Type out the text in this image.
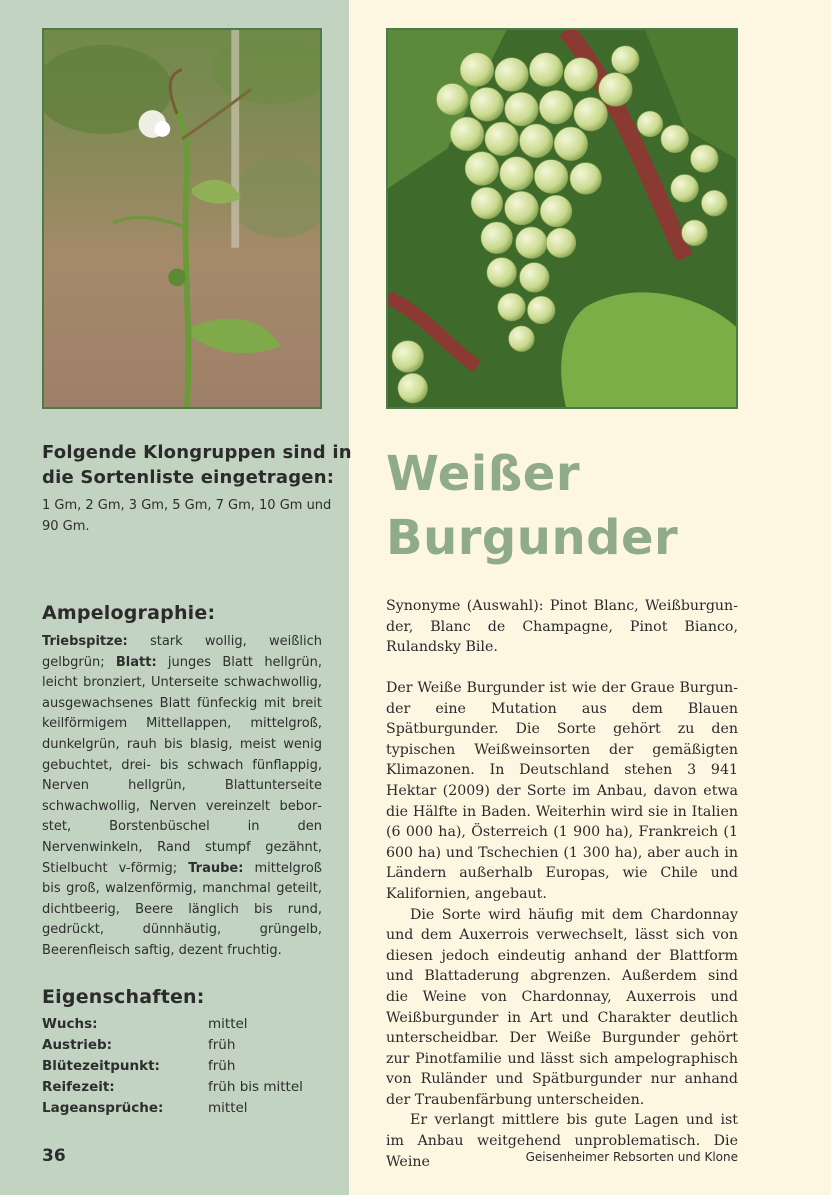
Folgende Klongruppen sind in
die Sortenliste eingetragen:
1 Gm, 2 Gm, 3 Gm, 5 Gm, 7 Gm, 10 Gm und
90 Gm.
Ampelographie:

Triebspitze: stark wollig, weißlich gelbgrün; Blatt: junges Blatt hellgrün, leicht bronziert, Unterseite schwachwollig, ausgewachsenes Blatt fünfeckig mit breit keilförmigem Mittellappen, mittelgroß, dunkelgrün, rauh bis blasig, meist wenig gebuchtet, drei- bis schwach fünflappig, Nerven hellgrün, Blattunterseite schwachwollig, Nerven vereinzelt beborstet, Borstenbüschel in den Nervenwinkeln, Rand stumpf gezähnt, Stielbucht v-förmig; Traube: mittelgroß bis groß, walzenförmig, manchmal geteilt, dichtbeerig, Beere länglich bis rund, gedrückt, dünnhäutig, grüngelb, Beerenfleisch saftig, dezent fruchtig.

Eigenschaften:
Wuchs:	mittel
Austrieb:	früh
Blütezeitpunkt:	früh
Reifezeit:	früh bis mittel
Lageansprüche:	mittel
36
Weißer
Burgunder

Synonyme (Auswahl): Pinot Blanc, Weißburgunder, Blanc de Champagne, Pinot Bianco, Rulandsky Bile.

Der Weiße Burgunder ist wie der Graue Burgunder eine Mutation aus dem Blauen Spätburgunder. Die Sorte gehört zu den typischen Weißweinsorten der gemäßigten Klimazonen. In Deutschland stehen 3 941 Hektar (2009) der Sorte im Anbau, davon etwa die Hälfte in Baden. Weiterhin wird sie in Italien (6 000 ha), Österreich (1 900 ha), Frankreich (1 600 ha) und Tschechien (1 300 ha), aber auch in Ländern außerhalb Europas, wie Chile und Kalifornien, angebaut.

Die Sorte wird häufig mit dem Chardonnay und dem Auxerrois verwechselt, lässt sich von diesen jedoch eindeutig anhand der Blattform und Blattaderung abgrenzen. Außerdem sind die Weine von Chardonnay, Auxerrois und Weißburgunder in Art und Charakter deutlich unterscheidbar. Der Weiße Burgunder gehört zur Pinotfamilie und lässt sich ampelographisch von Ruländer und Spätburgunder nur anhand der Traubenfärbung unterscheiden.

Er verlangt mittlere bis gute Lagen und ist im Anbau weitgehend unproblematisch. Die Weine	Geisenheimer Rebsorten und Klone
